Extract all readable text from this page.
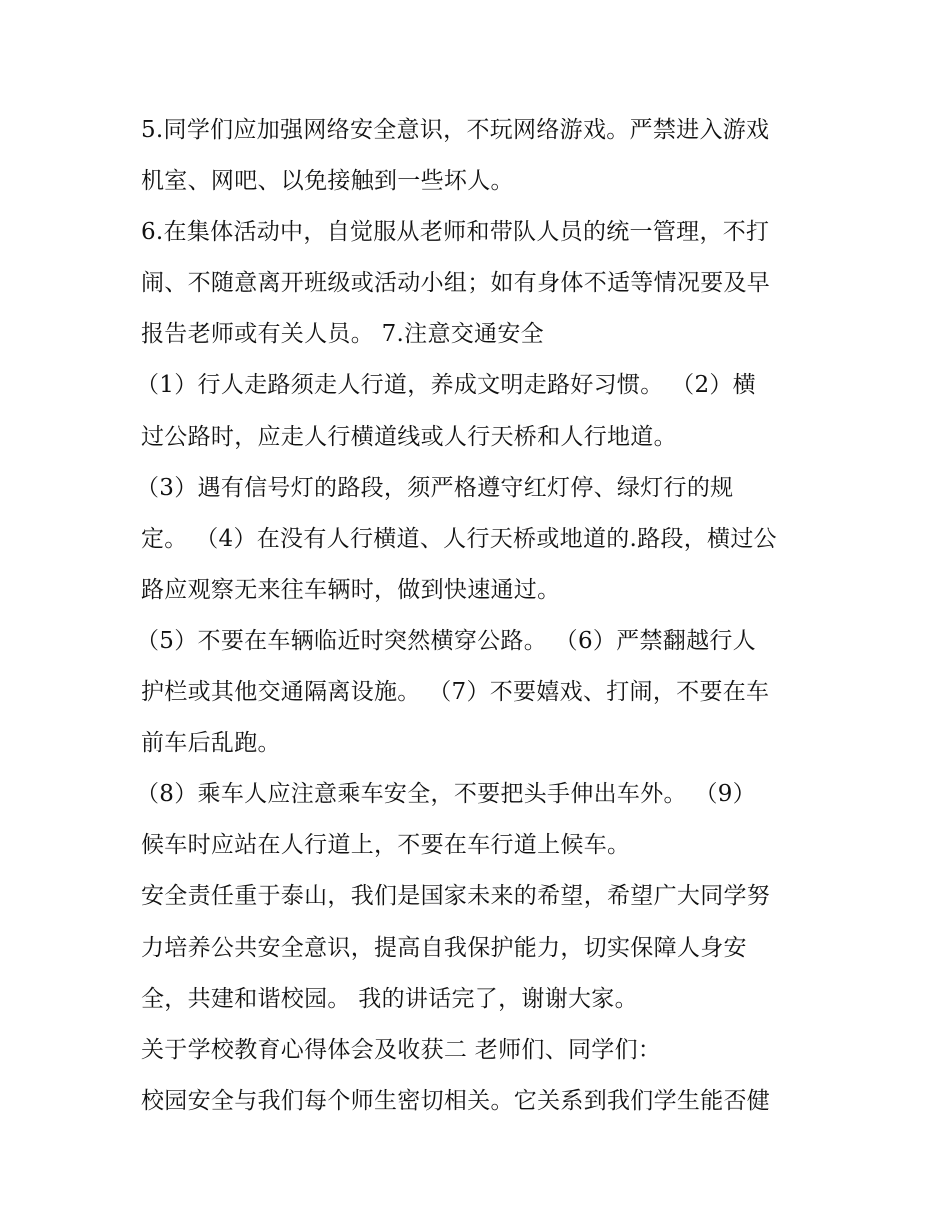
5.同学们应加强网络安全意识，不玩网络游戏。严禁进入游戏
机室、网吧、以免接触到一些坏人。
6.在集体活动中，自觉服从老师和带队人员的统一管理，不打
闹、不随意离开班级或活动小组；如有身体不适等情况要及早
报告老师或有关人员。 7.注意交通安全
（1）行人走路须走人行道，养成文明走路好习惯。 （2）横
过公路时，应走人行横道线或人行天桥和人行地道。
（3）遇有信号灯的路段，须严格遵守红灯停、绿灯行的规
定。 （4）在没有人行横道、人行天桥或地道的.路段，横过公
路应观察无来往车辆时，做到快速通过。
（5）不要在车辆临近时突然横穿公路。 （6）严禁翻越行人
护栏或其他交通隔离设施。 （7）不要嬉戏、打闹，不要在车
前车后乱跑。
（8）乘车人应注意乘车安全，不要把头手伸出车外。 （9）
候车时应站在人行道上，不要在车行道上候车。
安全责任重于泰山，我们是国家未来的希望，希望广大同学努
力培养公共安全意识，提高自我保护能力，切实保障人身安
全，共建和谐校园。 我的讲话完了，谢谢大家。
关于学校教育心得体会及收获二 老师们、同学们：
校园安全与我们每个师生密切相关。它关系到我们学生能否健
